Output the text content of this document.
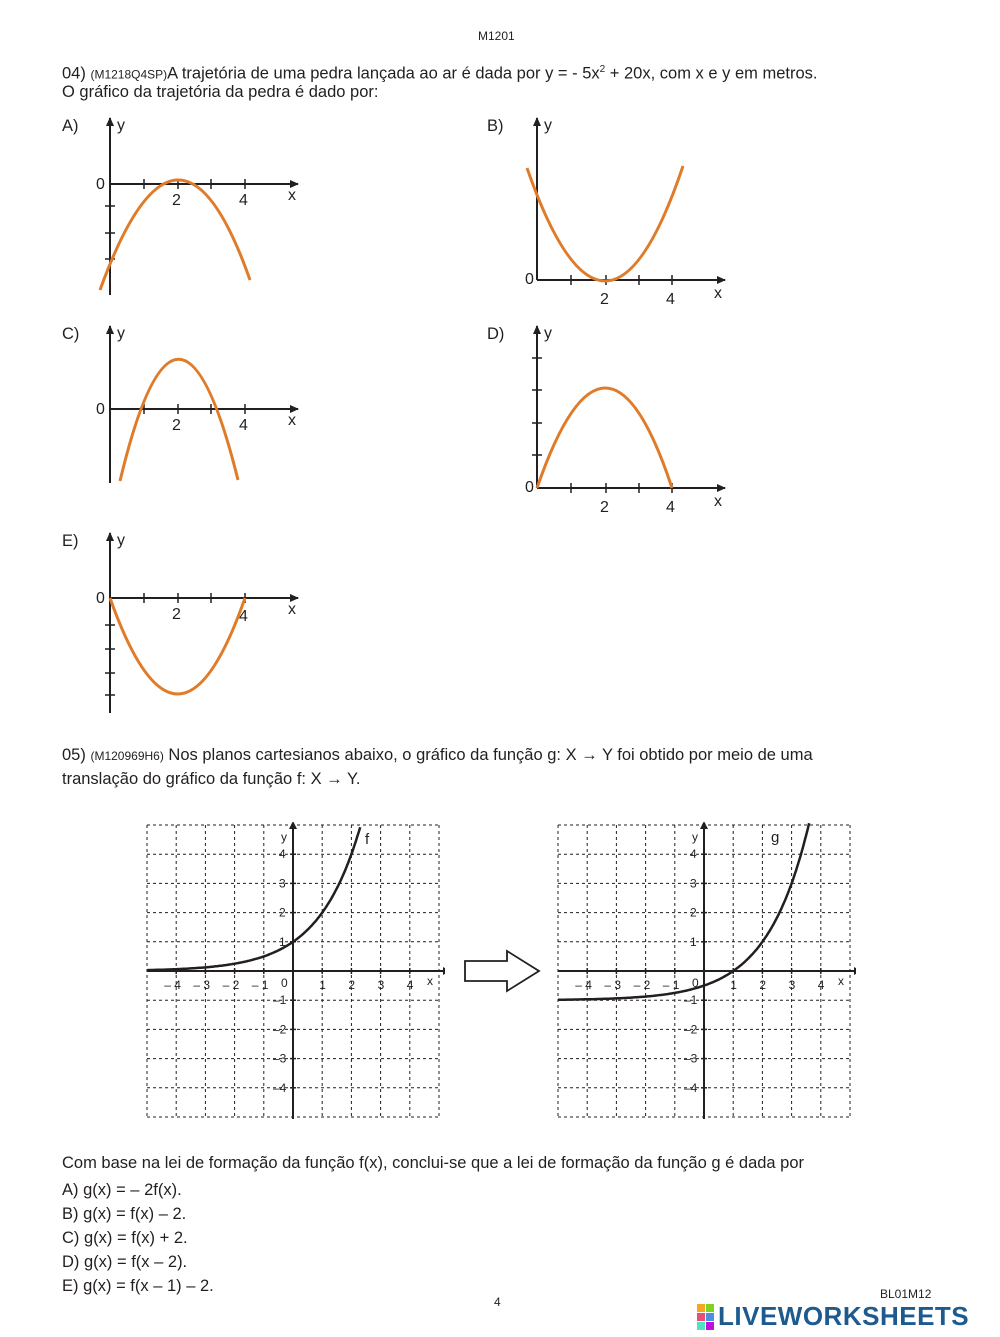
M1201
04) (M1218Q4SP)A trajetória de uma pedra lançada ao ar é dada por y = - $5x^2 + 20x$, com x e y em metros.
O gráfico da trajetória da pedra é dado por:
A)	B)
C)	D)
E)
0
2	4	x
y
0
2	4 x
y
0
2	4	x
y
0
2	4 x
y
0
2	4	x
y
05) (M120969H6) Nos planos cartesianos abaixo, o gráfico da função g: X → Y foi obtido por meio de uma
translação do gráfico da função f: X → Y.
– 4 – 3 – 2 – 1	1 2 3 4
4
3
2
1
–1
–2
–3
–4
0	x
y	f
– 4 – 3 – 2 – 1	1 2 3 4
4
3
2
1
–1
–2
–3
–4
0	x
y	g
Com base na lei de formação da função f(x), conclui-se que a lei de formação da função g é dada por
A) g(x) = – 2f(x).
B) g(x) = f(x) – 2.
C) g(x) = f(x) + 2.
D) g(x) = f(x – 2).
E) g(x) = f(x – 1) – 2.
4
BL01M12
LIVEWORKSHEETS
